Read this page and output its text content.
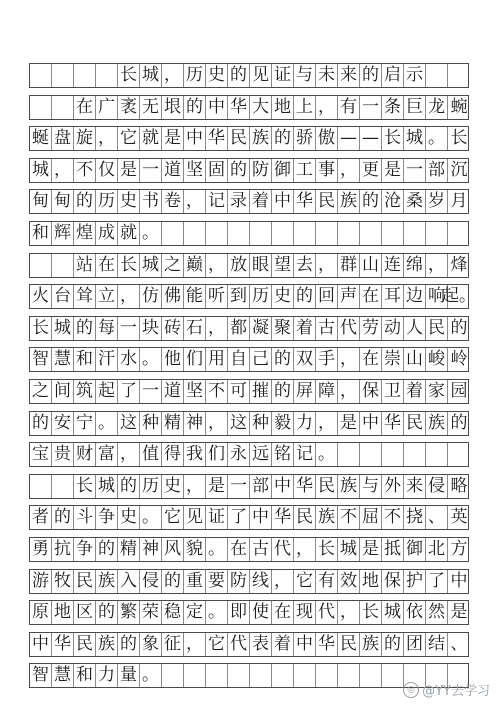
长 城 ， 历 史 的 见 证 与 未 来 的 启 示
在 广 袤 无 垠 的 中 华 大 地 上 ， 有 一 条 巨 龙 蜿
蜒 盘 旋 ， 它 就 是 中 华 民 族 的 骄 傲 — — 长 城 。 长
城 ， 不 仅 是 一 道 坚 固 的 防 御 工 事 ， 更 是 一 部 沉
甸 甸 的 历 史 书 卷 ， 记 录 着 中 华 民 族 的 沧 桑 岁 月
和 辉 煌 成 就 。
站 在 长 城 之 巅 ， 放 眼 望 去 ， 群 山 连 绵 ， 烽
火 台 耸 立 ， 仿 佛 能 听 到 历 史 的 回 声 在 耳 边 响
起。
长 城 的 每 一 块 砖 石 ， 都 凝 聚 着 古 代 劳 动 人 民 的
智 慧 和 汗 水 。 他 们 用 自 己 的 双 手 ， 在 崇 山 峻 岭
之 间 筑 起 了 一 道 坚 不 可 摧 的 屏 障 ， 保 卫 着 家 园
的 安 宁 。 这 种 精 神 ， 这 种 毅 力 ， 是 中 华 民 族 的
宝 贵 财 富 ， 值 得 我 们 永 远 铭 记 。
长 城 的 历 史 ， 是 一 部 中 华 民 族 与 外 来 侵 略
者 的 斗 争 史 。 它 见 证 了 中 华 民 族 不 屈 不 挠 、 英
勇 抗 争 的 精 神 风 貌 。 在 古 代 ， 长 城 是 抵 御 北 方
游 牧 民 族 入 侵 的 重 要 防 线 ， 它 有 效 地 保 护 了 中
原 地 区 的 繁 荣 稳 定 。 即 使 在 现 代 ， 长 城 依 然 是
中 华 民 族 的 象 征 ， 它 代 表 着 中 华 民 族 的 团 结 、
智 慧 和 力 量 。
◎ @YY去学习
